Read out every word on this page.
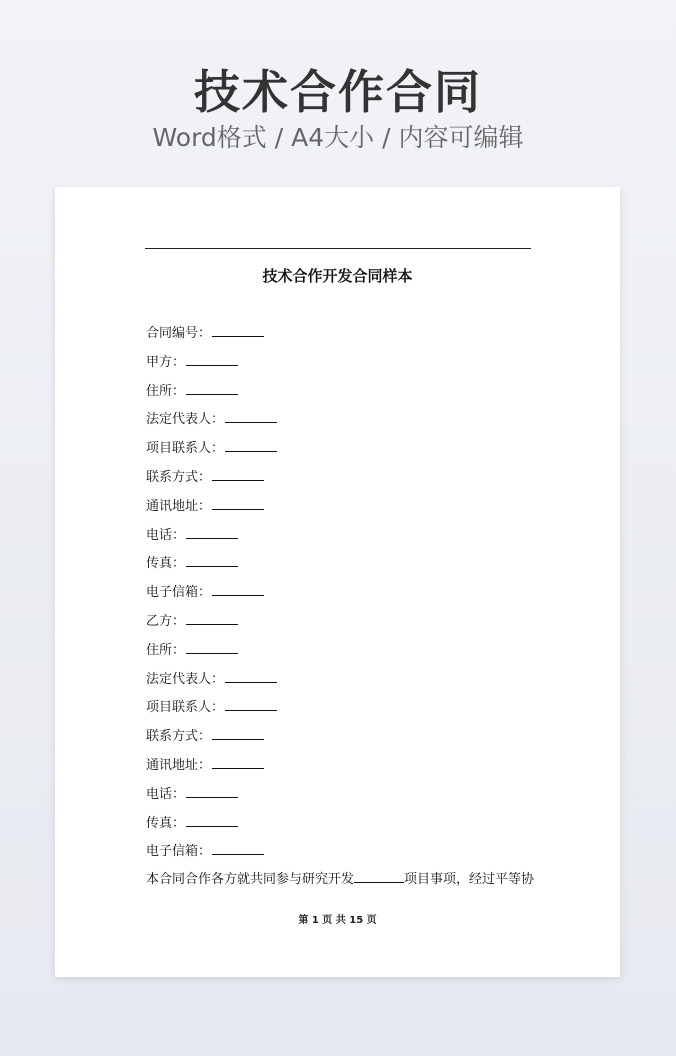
技术合作合同
Word格式 / A4大小 / 内容可编辑
技术合作开发合同样本
合同编号：
甲方：
住所：
法定代表人：
项目联系人：
联系方式：
通讯地址：
电话：
传真：
电子信箱：
乙方：
住所：
法定代表人：
项目联系人：
联系方式：
通讯地址：
电话：
传真：
电子信箱：
本合同合作各方就共同参与研究开发	项目事项，经过平等协
第 1 页 共 15 页
